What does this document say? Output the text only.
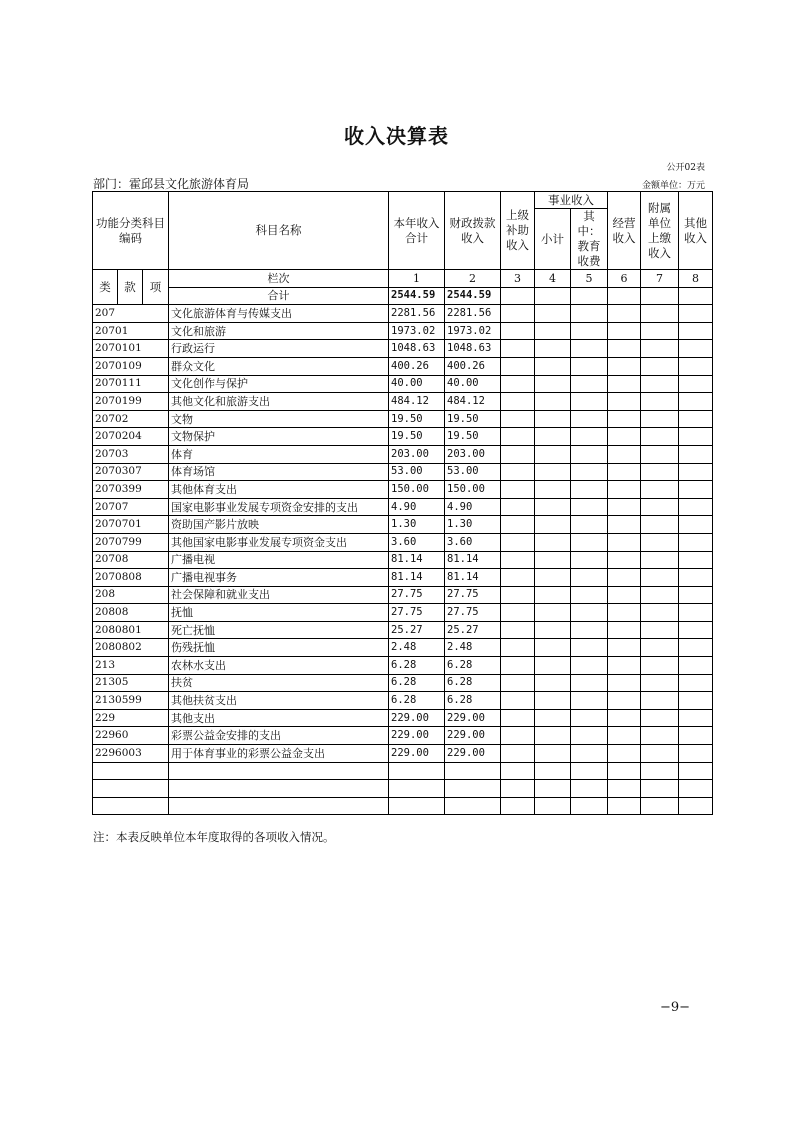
收入决算表
公开02表
部门：霍邱县文化旅游体育局	金额单位：万元
功能分类科目编码			科目名称	本年收入合计	财政拨款收入	上级补助收入	事业收入		经营收入	附属单位上缴收入	其他收入
							小计	其中：教育收费			
类	款	项	栏次	1	2	3	4	5	6	7	8
			合计	2544.59	2544.59						
207			文化旅游体育与传媒支出	2281.56	2281.56						
20701			文化和旅游	1973.02	1973.02						
2070101			行政运行	1048.63	1048.63						
2070109			群众文化	400.26	400.26						
2070111			文化创作与保护	40.00	40.00						
2070199			其他文化和旅游支出	484.12	484.12						
20702			文物	19.50	19.50						
2070204			文物保护	19.50	19.50						
20703			体育	203.00	203.00						
2070307			体育场馆	53.00	53.00						
2070399			其他体育支出	150.00	150.00						
20707			国家电影事业发展专项资金安排的支出	4.90	4.90						
2070701			资助国产影片放映	1.30	1.30						
2070799			其他国家电影事业发展专项资金支出	3.60	3.60						
20708			广播电视	81.14	81.14						
2070808			广播电视事务	81.14	81.14						
208			社会保障和就业支出	27.75	27.75						
20808			抚恤	27.75	27.75						
2080801			死亡抚恤	25.27	25.27						
2080802			伤残抚恤	2.48	2.48						
213			农林水支出	6.28	6.28						
21305			扶贫	6.28	6.28						
2130599			其他扶贫支出	6.28	6.28						
229			其他支出	229.00	229.00						
22960			彩票公益金安排的支出	229.00	229.00						
2296003			用于体育事业的彩票公益金支出	229.00	229.00						

注：本表反映单位本年度取得的各项收入情况。
−9−
